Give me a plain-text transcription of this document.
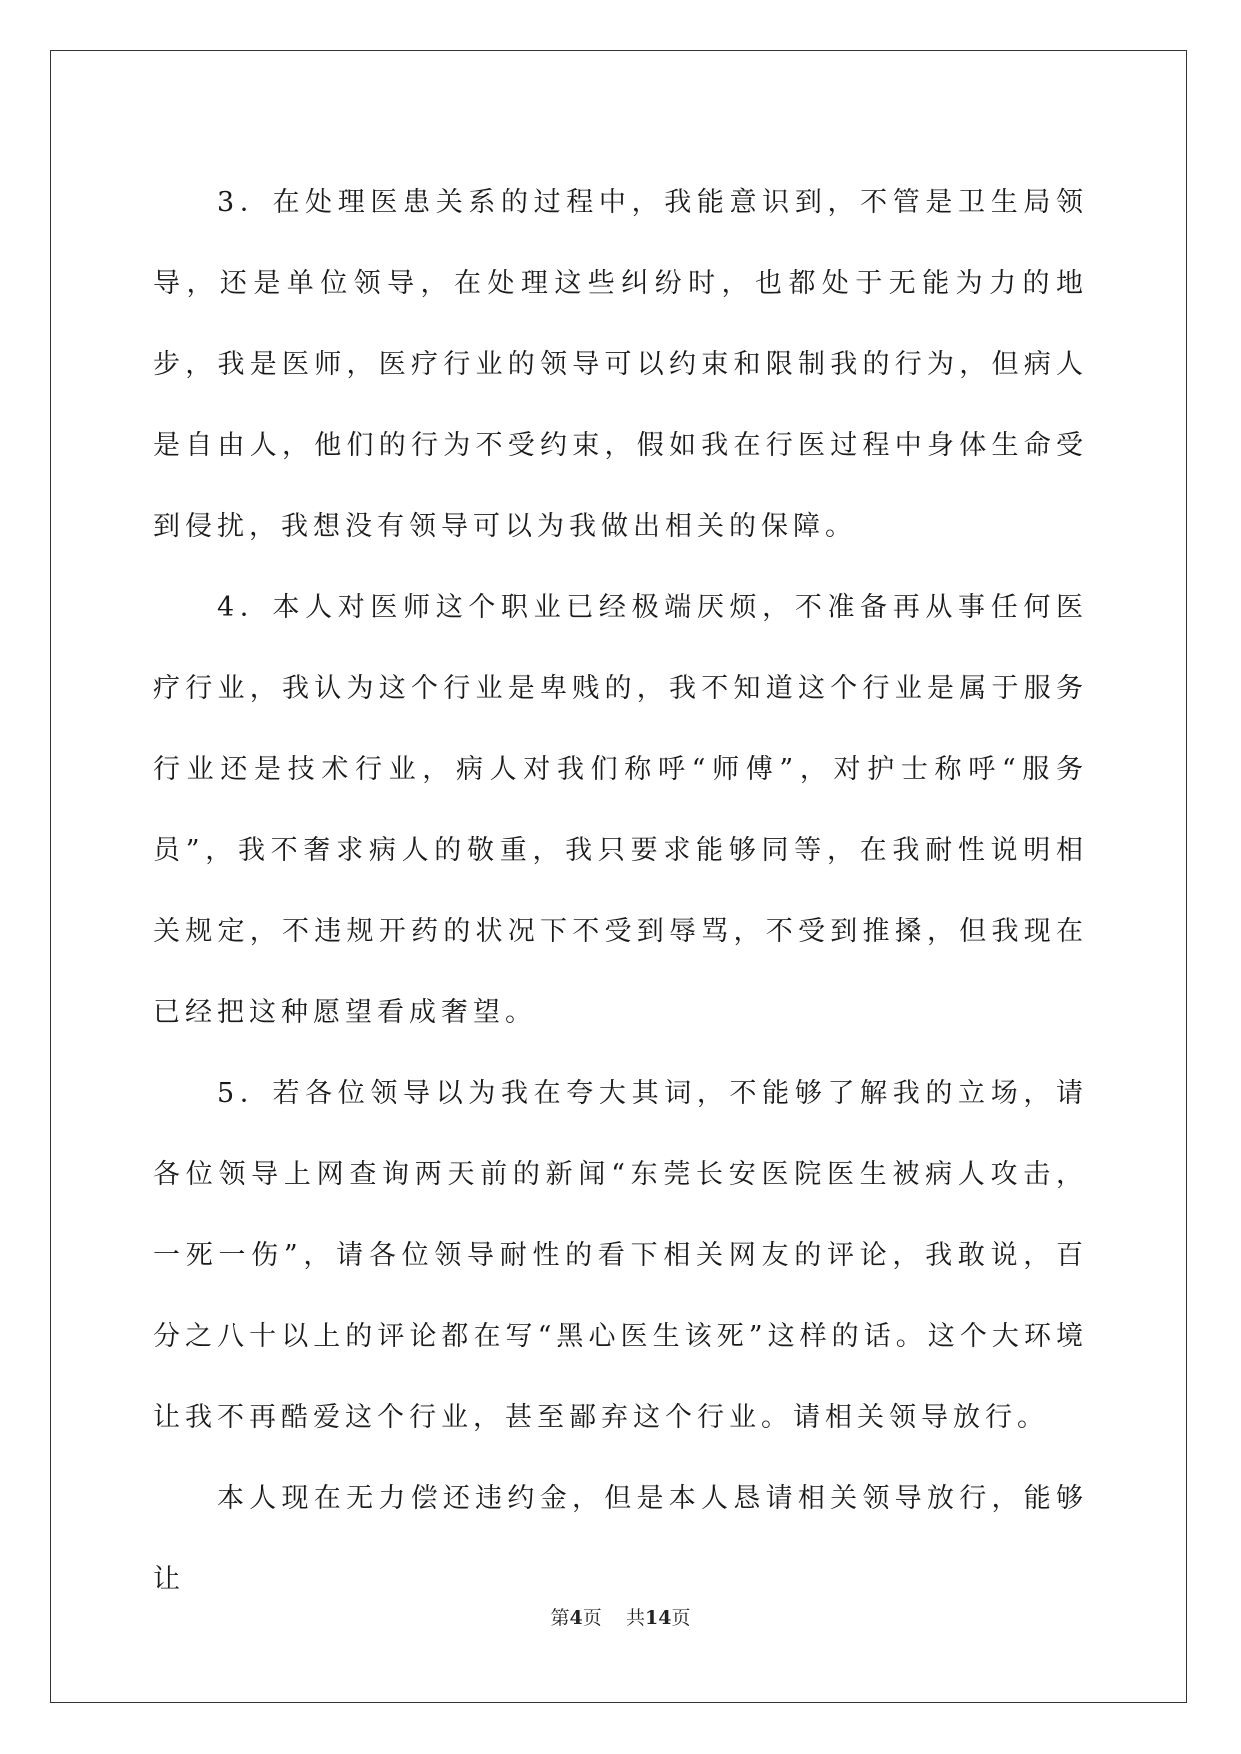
3．在处理医患关系的过程中，我能意识到，不管是卫生局领导，还是单位领导，在处理这些纠纷时，也都处于无能为力的地步，我是医师，医疗行业的领导可以约束和限制我的行为，但病人是自由人，他们的行为不受约束，假如我在行医过程中身体生命受到侵扰，我想没有领导可以为我做出相关的保障。

4．本人对医师这个职业已经极端厌烦，不准备再从事任何医疗行业，我认为这个行业是卑贱的，我不知道这个行业是属于服务行业还是技术行业，病人对我们称呼“师傅”，对护士称呼“服务员”，我不奢求病人的敬重，我只要求能够同等，在我耐性说明相关规定，不违规开药的状况下不受到辱骂，不受到推搡，但我现在已经把这种愿望看成奢望。

5．若各位领导以为我在夸大其词，不能够了解我的立场，请各位领导上网查询两天前的新闻“东莞长安医院医生被病人攻击，一死一伤”，请各位领导耐性的看下相关网友的评论，我敢说，百分之八十以上的评论都在写“黑心医生该死”这样的话。这个大环境让我不再酷爱这个行业，甚至鄙弃这个行业。请相关领导放行。

本人现在无力偿还违约金，但是本人恳请相关领导放行，能够让

第4页 共14页
